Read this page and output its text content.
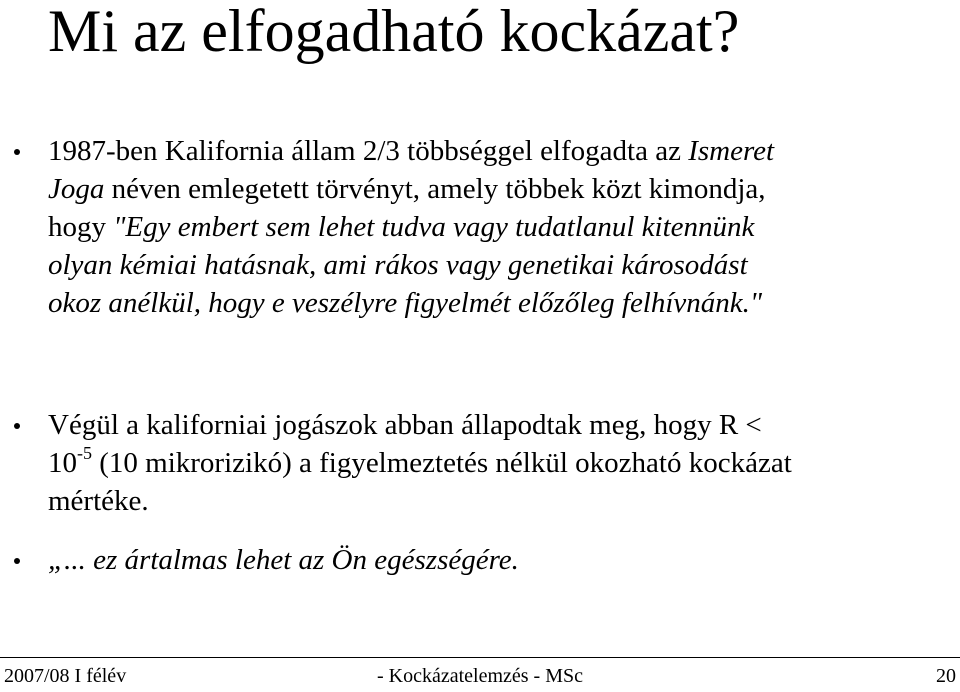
Mi az elfogadható kockázat?
1987-ben Kalifornia állam 2/3 többséggel elfogadta az Ismeret
Joga néven emlegetett törvényt, amely többek közt kimondja,
hogy "Egy embert sem lehet tudva vagy tudatlanul kitennünk
olyan kémiai hatásnak, ami rákos vagy genetikai károsodást
okoz anélkül, hogy e veszélyre figyelmét előzőleg felhívnánk."
Végül a kaliforniai jogászok abban állapodtak meg, hogy R <
$10^{-5}$ (10 mikrorizikó) a figyelmeztetés nélkül okozható kockázat
mértéke.
„... ez ártalmas lehet az Ön egészségére.
2007/08 I félév	- Kockázatelemzés - MSc	20
